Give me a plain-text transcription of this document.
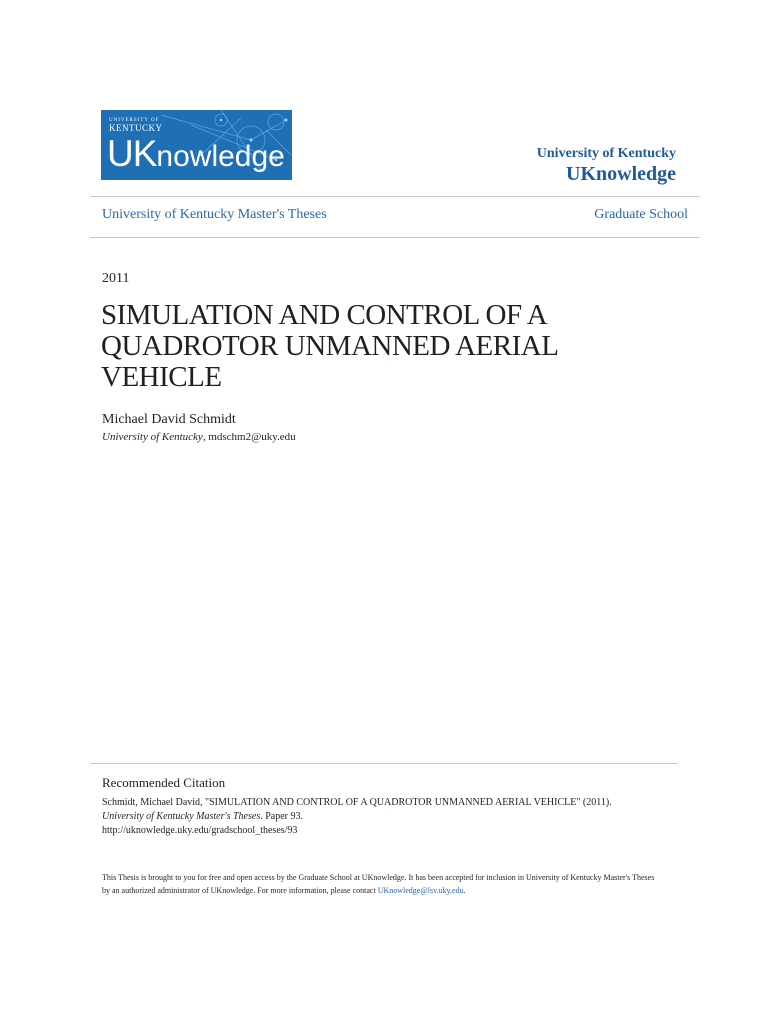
UNIVERSITY OF
KENTUCKY
UKnowledge	University of Kentucky
UKnowledge
University of Kentucky Master's Theses	Graduate School
2011
SIMULATION AND CONTROL OF A QUADROTOR UNMANNED AERIAL VEHICLE
Michael David Schmidt
University of Kentucky, mdschm2@uky.edu
Recommended Citation
Schmidt, Michael David, "SIMULATION AND CONTROL OF A QUADROTOR UNMANNED AERIAL VEHICLE" (2011).
University of Kentucky Master's Theses. Paper 93.
http://uknowledge.uky.edu/gradschool_theses/93
This Thesis is brought to you for free and open access by the Graduate School at UKnowledge. It has been accepted for inclusion in University of Kentucky Master's Theses by an authorized administrator of UKnowledge. For more information, please contact UKnowledge@lsv.uky.edu.
